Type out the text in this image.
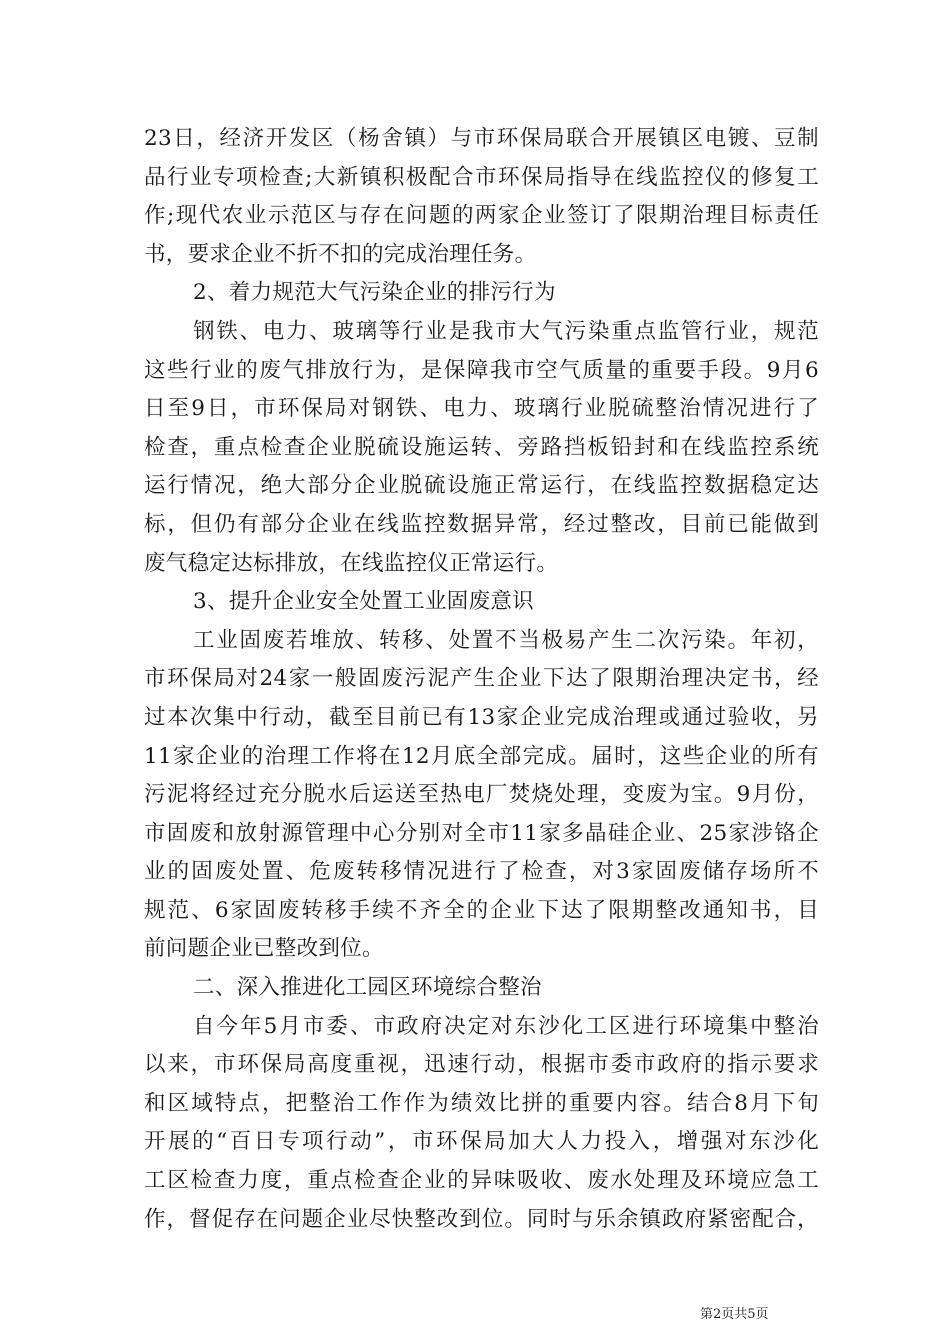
23日，经济开发区（杨舍镇）与市环保局联合开展镇区电镀、豆制
品行业专项检查;大新镇积极配合市环保局指导在线监控仪的修复工
作;现代农业示范区与存在问题的两家企业签订了限期治理目标责任
书，要求企业不折不扣的完成治理任务。
2、着力规范大气污染企业的排污行为
钢铁、电力、玻璃等行业是我市大气污染重点监管行业，规范
这些行业的废气排放行为，是保障我市空气质量的重要手段。9月6
日至9日，市环保局对钢铁、电力、玻璃行业脱硫整治情况进行了
检查，重点检查企业脱硫设施运转、旁路挡板铅封和在线监控系统
运行情况，绝大部分企业脱硫设施正常运行，在线监控数据稳定达
标，但仍有部分企业在线监控数据异常，经过整改，目前已能做到
废气稳定达标排放，在线监控仪正常运行。
3、提升企业安全处置工业固废意识
工业固废若堆放、转移、处置不当极易产生二次污染。年初，
市环保局对24家一般固废污泥产生企业下达了限期治理决定书，经
过本次集中行动，截至目前已有13家企业完成治理或通过验收，另
11家企业的治理工作将在12月底全部完成。届时，这些企业的所有
污泥将经过充分脱水后运送至热电厂焚烧处理，变废为宝。9月份，
市固废和放射源管理中心分别对全市11家多晶硅企业、25家涉铬企
业的固废处置、危废转移情况进行了检查，对3家固废储存场所不
规范、6家固废转移手续不齐全的企业下达了限期整改通知书，目
前问题企业已整改到位。
二、深入推进化工园区环境综合整治
自今年5月市委、市政府决定对东沙化工区进行环境集中整治
以来，市环保局高度重视，迅速行动，根据市委市政府的指示要求
和区域特点，把整治工作作为绩效比拼的重要内容。结合8月下旬
开展的“百日专项行动”，市环保局加大人力投入，增强对东沙化
工区检查力度，重点检查企业的异味吸收、废水处理及环境应急工
作，督促存在问题企业尽快整改到位。同时与乐余镇政府紧密配合，
第2页共5页
